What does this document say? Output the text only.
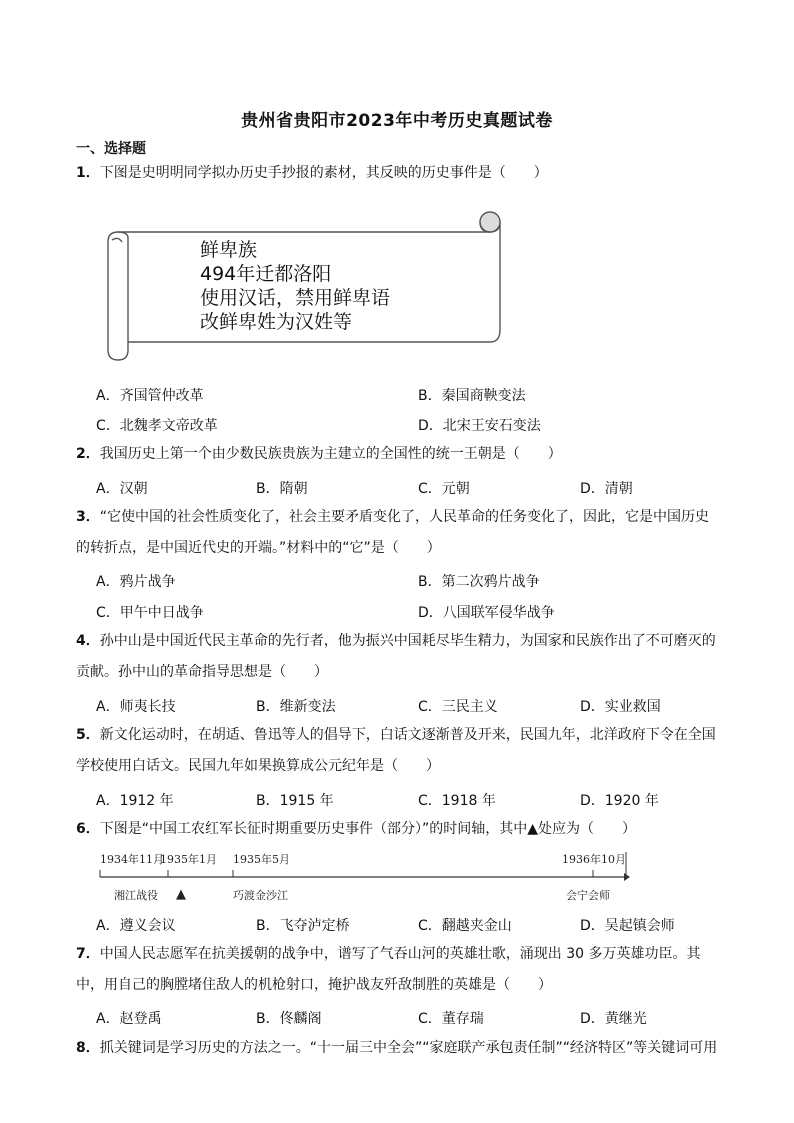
贵州省贵阳市2023年中考历史真题试卷
一、选择题
1．下图是史明明同学拟办历史手抄报的素材，其反映的历史事件是（　　）
1934年11月
1935年1月 1935年5月	1936年10月
湘江战役 ▲	巧渡金沙江	会宁会师
鲜卑族
494年迁都洛阳
使用汉话，禁用鲜卑语
改鲜卑姓为汉姓等
A．齐国管仲改革	B．秦国商鞅变法
C．北魏孝文帝改革	D．北宋王安石变法
2．我国历史上第一个由少数民族贵族为主建立的全国性的统一王朝是（　　）
A．汉朝	B．隋朝	C．元朝	D．清朝
3．“它使中国的社会性质变化了，社会主要矛盾变化了，人民革命的任务变化了，因此，它是中国历史
的转折点，是中国近代史的开端。”材料中的“它”是（　　）
A．鸦片战争	B．第二次鸦片战争
C．甲午中日战争	D．八国联军侵华战争
4．孙中山是中国近代民主革命的先行者，他为振兴中国耗尽毕生精力，为国家和民族作出了不可磨灭的
贡献。孙中山的革命指导思想是（　　）
A．师夷长技	B．维新变法	C．三民主义	D．实业救国
5．新文化运动时，在胡适、鲁迅等人的倡导下，白话文逐渐普及开来，民国九年，北洋政府下令在全国
学校使用白话文。民国九年如果换算成公元纪年是（　　）
A．1912 年	B．1915 年	C．1918 年	D．1920 年
6．下图是“中国工农红军长征时期重要历史事件（部分）”的时间轴，其中▲处应为（　　）
A．遵义会议	B．飞夺泸定桥	C．翻越夹金山	D．吴起镇会师
7．中国人民志愿军在抗美援朝的战争中，谱写了气吞山河的英雄壮歌，涌现出 30 多万英雄功臣。其
中，用自己的胸膛堵住敌人的机枪射口，掩护战友歼敌制胜的英雄是（　　）
A．赵登禹	B．佟麟阁	C．董存瑞	D．黄继光
8．抓关键词是学习历史的方法之一。“十一届三中全会”“家庭联产承包责任制”“经济特区”等关键词可用
